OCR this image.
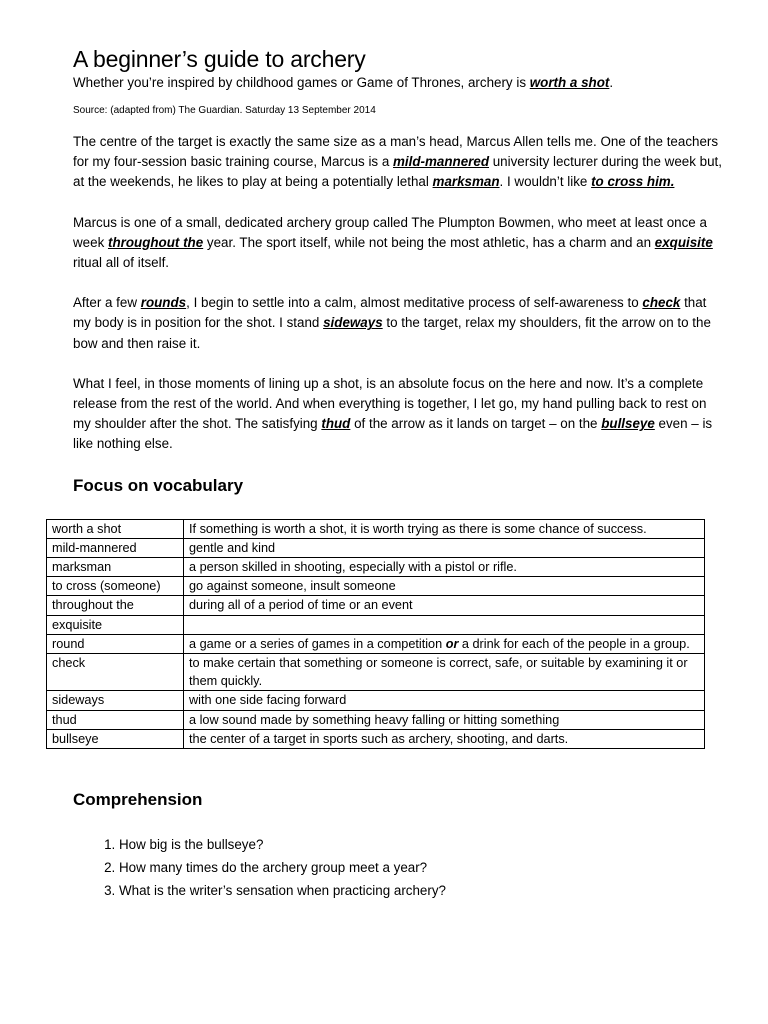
A beginner’s guide to archery

Whether you’re inspired by childhood games or Game of Thrones, archery is worth a shot.

Source: (adapted from) The Guardian. Saturday 13 September 2014

The centre of the target is exactly the same size as a man’s head, Marcus Allen tells me. One of the teachers for my four-session basic training course, Marcus is a mild-mannered university lecturer during the week but, at the weekends, he likes to play at being a potentially lethal marksman. I wouldn’t like to cross him.

Marcus is one of a small, dedicated archery group called The Plumpton Bowmen, who meet at least once a week throughout the year. The sport itself, while not being the most athletic, has a charm and an exquisite ritual all of itself.

After a few rounds, I begin to settle into a calm, almost meditative process of self-awareness to check that my body is in position for the shot. I stand sideways to the target, relax my shoulders, fit the arrow on to the bow and then raise it.

What I feel, in those moments of lining up a shot, is an absolute focus on the here and now. It’s a complete release from the rest of the world. And when everything is together, I let go, my hand pulling back to rest on my shoulder after the shot. The satisfying thud of the arrow as it lands on target – on the bullseye even – is like nothing else.

Focus on vocabulary
worth a shot	If something is worth a shot, it is worth trying as there is some chance of success.
mild-mannered	gentle and kind
marksman	a person skilled in shooting, especially with a pistol or rifle.
to cross (someone)	go against someone, insult someone
throughout the	during all of a period of time or an event
exquisite	
round	a game or a series of games in a competition or a drink for each of the people in a group.
check	to make certain that something or someone is correct, safe, or suitable by examining it or them quickly.
sideways	with one side facing forward
thud	a low sound made by something heavy falling or hitting something
bullseye	the center of a target in sports such as archery, shooting, and darts.
Comprehension
1. How big is the bullseye?
2. How many times do the archery group meet a year?
3. What is the writer’s sensation when practicing archery?
